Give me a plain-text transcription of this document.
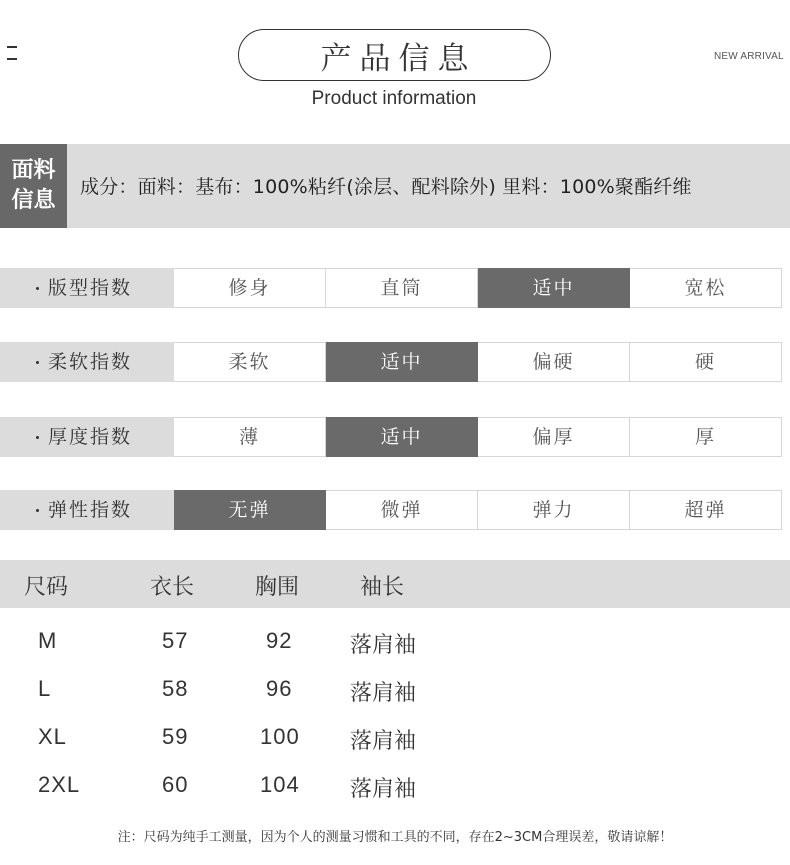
产品信息	NEW ARRIVAL
Product information
面料
信息
成分：面料：基布：100%粘纤(涂层、配料除外) 里料：100%聚酯纤维
版型指数	修身	直筒	适中	宽松
柔软指数	柔软	适中	偏硬	硬
厚度指数	薄	适中	偏厚	厚
弹性指数	无弹	微弹	弹力	超弹
尺码	衣长	胸围	袖长
M	57	92	落肩袖
L	58	96	落肩袖
XL	59	100 落肩袖
2XL	60	104 落肩袖
注：尺码为纯手工测量，因为个人的测量习惯和工具的不同，存在2~3CM合理误差，敬请谅解！
